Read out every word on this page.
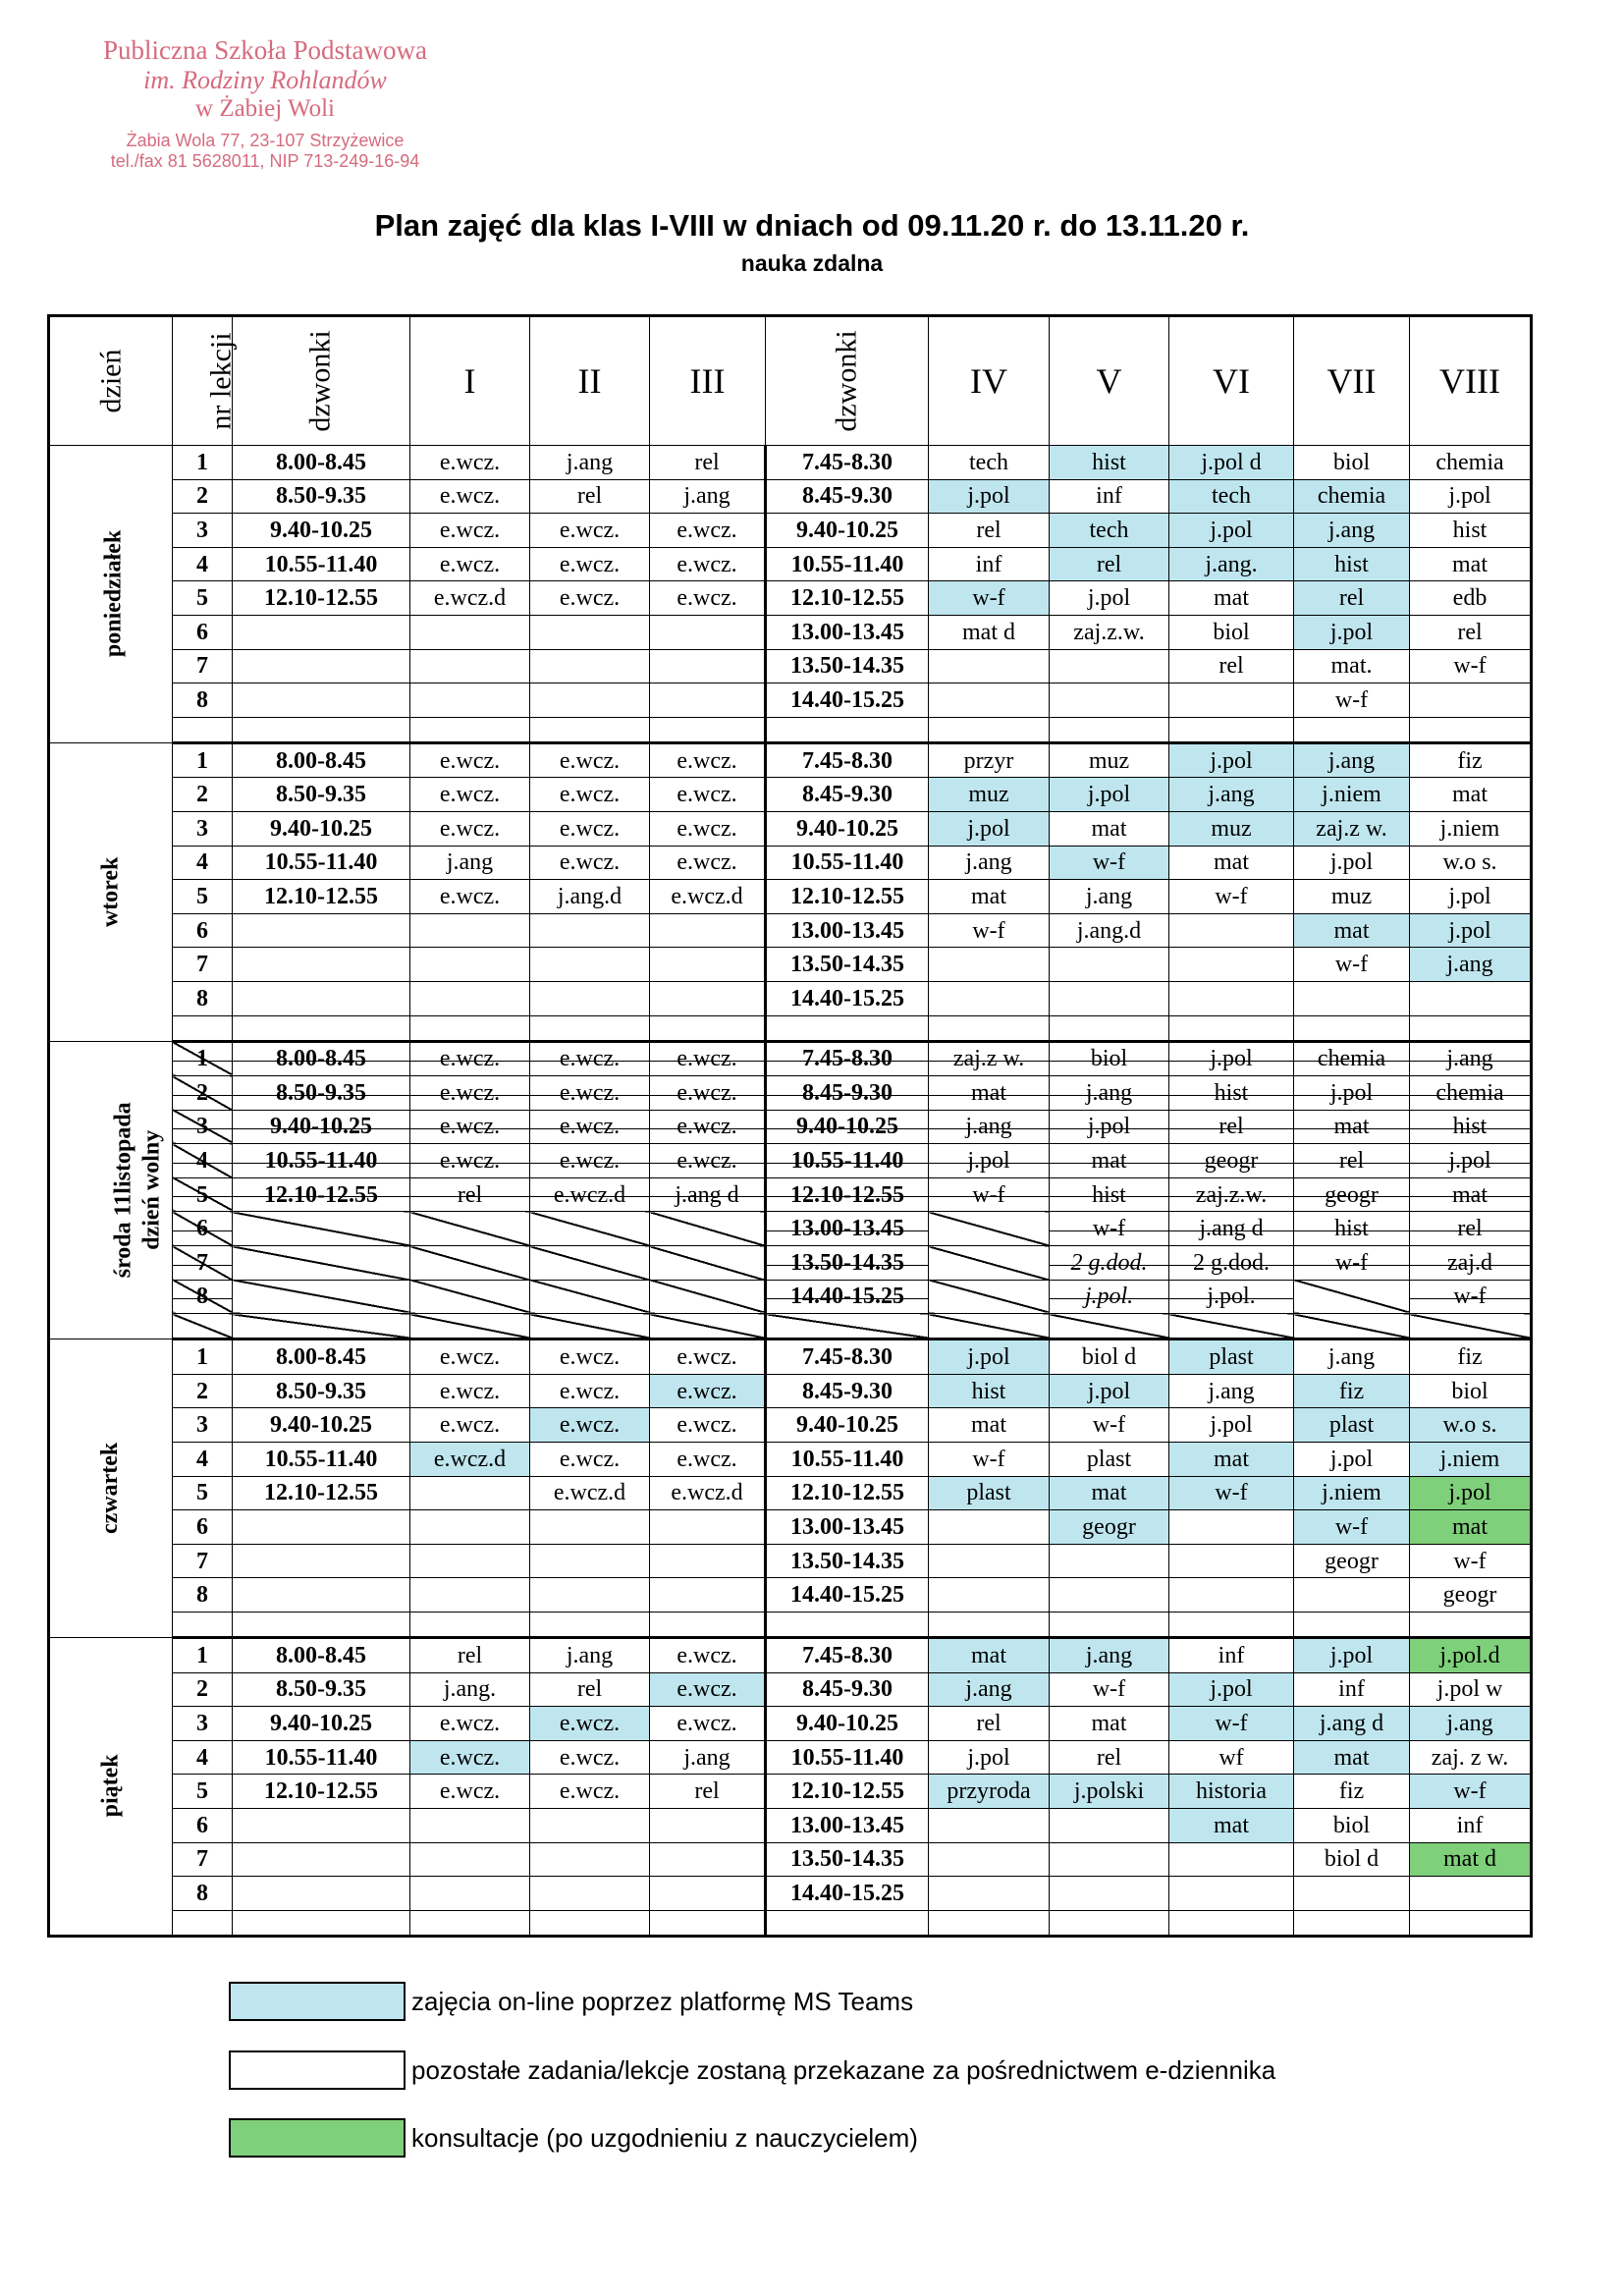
Publiczna Szkoła Podstawowa
im. Rodziny Rohlandów
w Żabiej Woli
Żabia Wola 77, 23-107 Strzyżewice
tel./fax 81 5628011, NIP 713-249-16-94
Plan zajęć dla klas I-VIII w dniach od 09.11.20 r. do 13.11.20 r.
nauka zdalna
dzień	nr lekcji	dzwonki	I	II	III	dzwonki	IV	V	VI	VII	VIII

poniedziałek	1	8.00-8.45	e.wcz.	j.ang	rel	7.45-8.30	tech	hist	j.pol d	biol	chemia
	2	8.50-9.35	e.wcz.	rel	j.ang	8.45-9.30	j.pol	inf	tech	chemia	j.pol
	3	9.40-10.25	e.wcz.	e.wcz.	e.wcz.	9.40-10.25	rel	tech	j.pol	j.ang	hist
	4	10.55-11.40	e.wcz.	e.wcz.	e.wcz.	10.55-11.40	inf	rel	j.ang.	hist	mat
	5	12.10-12.55	e.wcz.d	e.wcz.	e.wcz.	12.10-12.55	w-f	j.pol	mat	rel	edb
	6					13.00-13.45	mat d	zaj.z.w.	biol	j.pol	rel
	7					13.50-14.35			rel	mat.	w-f
	8					14.40-15.25				w-f	

wtorek	1	8.00-8.45	e.wcz.	e.wcz.	e.wcz.	7.45-8.30	przyr	muz	j.pol	j.ang	fiz
	2	8.50-9.35	e.wcz.	e.wcz.	e.wcz.	8.45-9.30	muz	j.pol	j.ang	j.niem	mat
	3	9.40-10.25	e.wcz.	e.wcz.	e.wcz.	9.40-10.25	j.pol	mat	muz	zaj.z w.	j.niem
	4	10.55-11.40	j.ang	e.wcz.	e.wcz.	10.55-11.40	j.ang	w-f	mat	j.pol	w.o s.
	5	12.10-12.55	e.wcz.	j.ang.d	e.wcz.d	12.10-12.55	mat	j.ang	w-f	muz	j.pol
	6					13.00-13.45	w-f	j.ang.d		mat	j.pol
	7					13.50-14.35				w-f	j.ang
	8					14.40-15.25					

środa 11listopada dzień wolny	1	8.00-8.45	e.wcz.	e.wcz.	e.wcz.	7.45-8.30	zaj.z w.	biol	j.pol	chemia	j.ang
	2	8.50-9.35	e.wcz.	e.wcz.	e.wcz.	8.45-9.30	mat	j.ang	hist	j.pol	chemia
	3	9.40-10.25	e.wcz.	e.wcz.	e.wcz.	9.40-10.25	j.ang	j.pol	rel	mat	hist
	4	10.55-11.40	e.wcz.	e.wcz.	e.wcz.	10.55-11.40	j.pol	mat	geogr	rel	j.pol
	5	12.10-12.55	rel	e.wcz.d	j.ang d	12.10-12.55	w-f	hist	zaj.z.w.	geogr	mat
	6					13.00-13.45		w-f	j.ang d	hist	rel
	7					13.50-14.35		2 g.dod.	2 g.dod.	w-f	zaj.d
	8					14.40-15.25		j.pol.	j.pol.		w-f

czwartek	1	8.00-8.45	e.wcz.	e.wcz.	e.wcz.	7.45-8.30	j.pol	biol d	plast	j.ang	fiz
	2	8.50-9.35	e.wcz.	e.wcz.	e.wcz.	8.45-9.30	hist	j.pol	j.ang	fiz	biol
	3	9.40-10.25	e.wcz.	e.wcz.	e.wcz.	9.40-10.25	mat	w-f	j.pol	plast	w.o s.
	4	10.55-11.40	e.wcz.d	e.wcz.	e.wcz.	10.55-11.40	w-f	plast	mat	j.pol	j.niem
	5	12.10-12.55		e.wcz.d	e.wcz.d	12.10-12.55	plast	mat	w-f	j.niem	j.pol
	6					13.00-13.45		geogr		w-f	mat
	7					13.50-14.35				geogr	w-f
	8					14.40-15.25					geogr

piątek	1	8.00-8.45	rel	j.ang	e.wcz.	7.45-8.30	mat	j.ang	inf	j.pol	j.pol.d
	2	8.50-9.35	j.ang.	rel	e.wcz.	8.45-9.30	j.ang	w-f	j.pol	inf	j.pol w
	3	9.40-10.25	e.wcz.	e.wcz.	e.wcz.	9.40-10.25	rel	mat	w-f	j.ang d	j.ang
	4	10.55-11.40	e.wcz.	e.wcz.	j.ang	10.55-11.40	j.pol	rel	wf	mat	zaj. z w.
	5	12.10-12.55	e.wcz.	e.wcz.	rel	12.10-12.55	przyroda	j.polski	historia	fiz	w-f
	6					13.00-13.45			mat	biol	inf
	7					13.50-14.35				biol d	mat d
	8					14.40-15.25					

zajęcia on-line poprzez platformę MS Teams
pozostałe zadania/lekcje zostaną przekazane za pośrednictwem e-dziennika
konsultacje (po uzgodnieniu z nauczycielem)
